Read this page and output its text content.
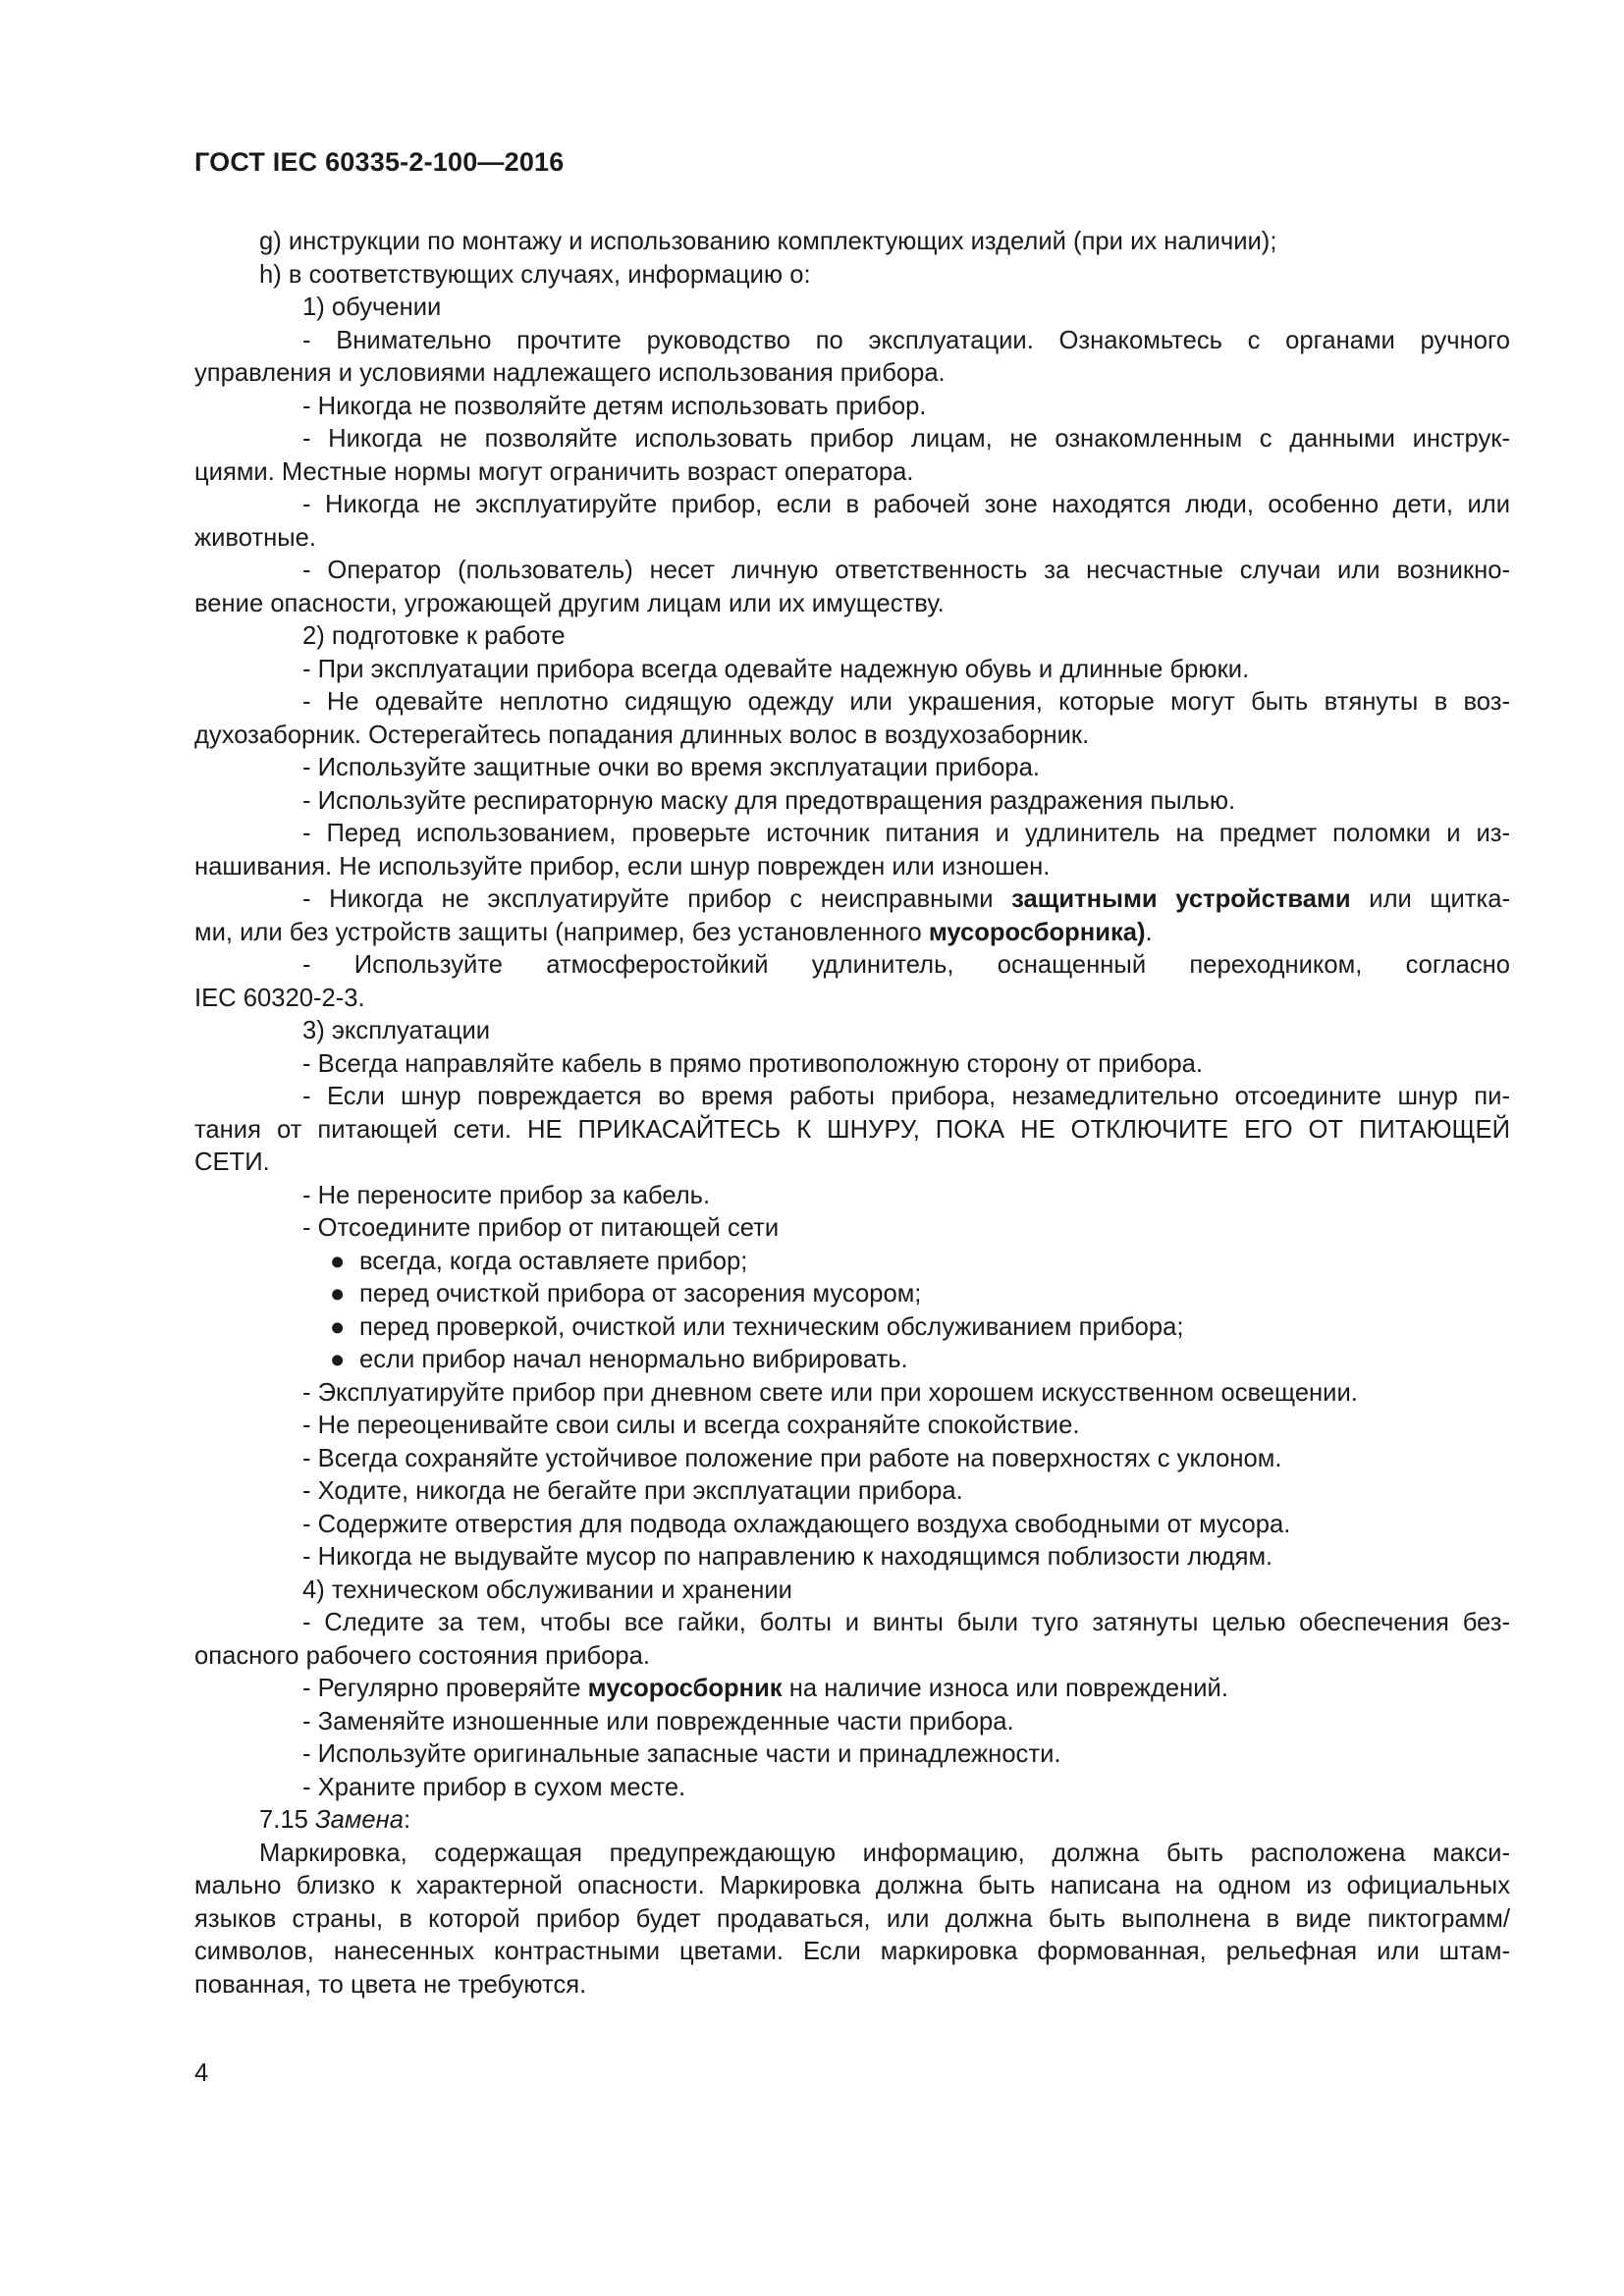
ГОСТ IEC 60335-2-100—2016
g) инструкции по монтажу и использованию комплектующих изделий (при их наличии);
h) в соответствующих случаях, информацию о:
1) обучении
- Внимательно прочтите руководство по эксплуатации. Ознакомьтесь с органами ручного
управления и условиями надлежащего использования прибора.
- Никогда не позволяйте детям использовать прибор.
- Никогда не позволяйте использовать прибор лицам, не ознакомленным с данными инструк-
циями. Местные нормы могут ограничить возраст оператора.
- Никогда не эксплуатируйте прибор, если в рабочей зоне находятся люди, особенно дети, или
животные.
- Оператор (пользователь) несет личную ответственность за несчастные случаи или возникно-
вение опасности, угрожающей другим лицам или их имуществу.
2) подготовке к работе
- При эксплуатации прибора всегда одевайте надежную обувь и длинные брюки.
- Не одевайте неплотно сидящую одежду или украшения, которые могут быть втянуты в воз-
духозаборник. Остерегайтесь попадания длинных волос в воздухозаборник.
- Используйте защитные очки во время эксплуатации прибора.
- Используйте респираторную маску для предотвращения раздражения пылью.
- Перед использованием, проверьте источник питания и удлинитель на предмет поломки и из-
нашивания. Не используйте прибор, если шнур поврежден или изношен.
- Никогда не эксплуатируйте прибор с неисправными защитными устройствами или щитка-
ми, или без устройств защиты (например, без установленного мусоросборника).
- Используйте атмосферостойкий удлинитель, оснащенный переходником, согласно
IEC 60320-2-3.
3) эксплуатации
- Всегда направляйте кабель в прямо противоположную сторону от прибора.
- Если шнур повреждается во время работы прибора, незамедлительно отсоедините шнур пи-
тания от питающей сети. НЕ ПРИКАСАЙТЕСЬ К ШНУРУ, ПОКА НЕ ОТКЛЮЧИТЕ ЕГО ОТ ПИТАЮЩЕЙ
СЕТИ.
- Не переносите прибор за кабель.
- Отсоедините прибор от питающей сети
● всегда, когда оставляете прибор;
● перед очисткой прибора от засорения мусором;
● перед проверкой, очисткой или техническим обслуживанием прибора;
● если прибор начал ненормально вибрировать.
- Эксплуатируйте прибор при дневном свете или при хорошем искусственном освещении.
- Не переоценивайте свои силы и всегда сохраняйте спокойствие.
- Всегда сохраняйте устойчивое положение при работе на поверхностях с уклоном.
- Ходите, никогда не бегайте при эксплуатации прибора.
- Содержите отверстия для подвода охлаждающего воздуха свободными от мусора.
- Никогда не выдувайте мусор по направлению к находящимся поблизости людям.
4) техническом обслуживании и хранении
- Следите за тем, чтобы все гайки, болты и винты были туго затянуты целью обеспечения без-
опасного рабочего состояния прибора.
- Регулярно проверяйте мусоросборник на наличие износа или повреждений.
- Заменяйте изношенные или поврежденные части прибора.
- Используйте оригинальные запасные части и принадлежности.
- Храните прибор в сухом месте.
7.15 Замена:
Маркировка, содержащая предупреждающую информацию, должна быть расположена макси-
мально близко к характерной опасности. Маркировка должна быть написана на одном из официальных
языков страны, в которой прибор будет продаваться, или должна быть выполнена в виде пиктограмм/
символов, нанесенных контрастными цветами. Если маркировка формованная, рельефная или штам-
пованная, то цвета не требуются.
4
